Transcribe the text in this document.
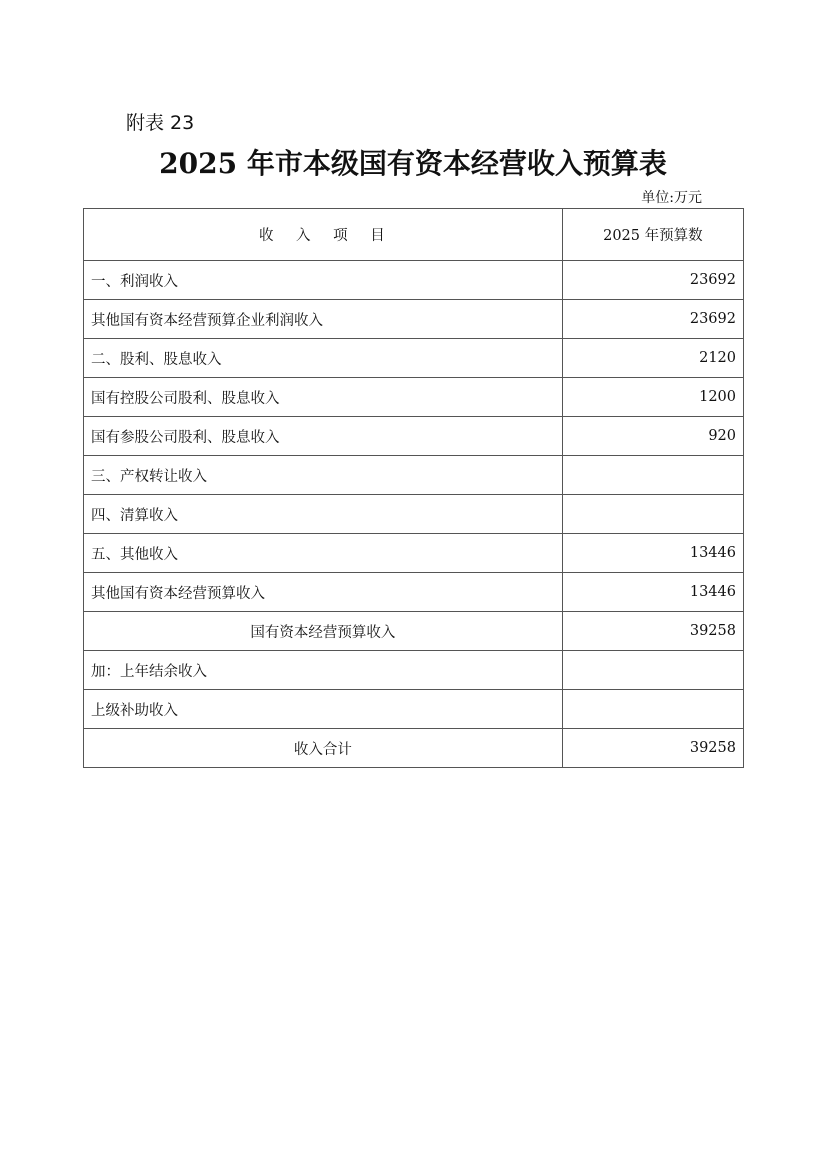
附表 23
2025 年市本级国有资本经营收入预算表
单位:万元
收 入 项 目	2025 年预算数
一、利润收入	23692
其他国有资本经营预算企业利润收入	23692
二、股利、股息收入	2120
国有控股公司股利、股息收入	1200
国有参股公司股利、股息收入	920
三、产权转让收入	
四、清算收入	
五、其他收入	13446
其他国有资本经营预算收入	13446
国有资本经营预算收入	39258
加：上年结余收入	
上级补助收入	
收入合计	39258
